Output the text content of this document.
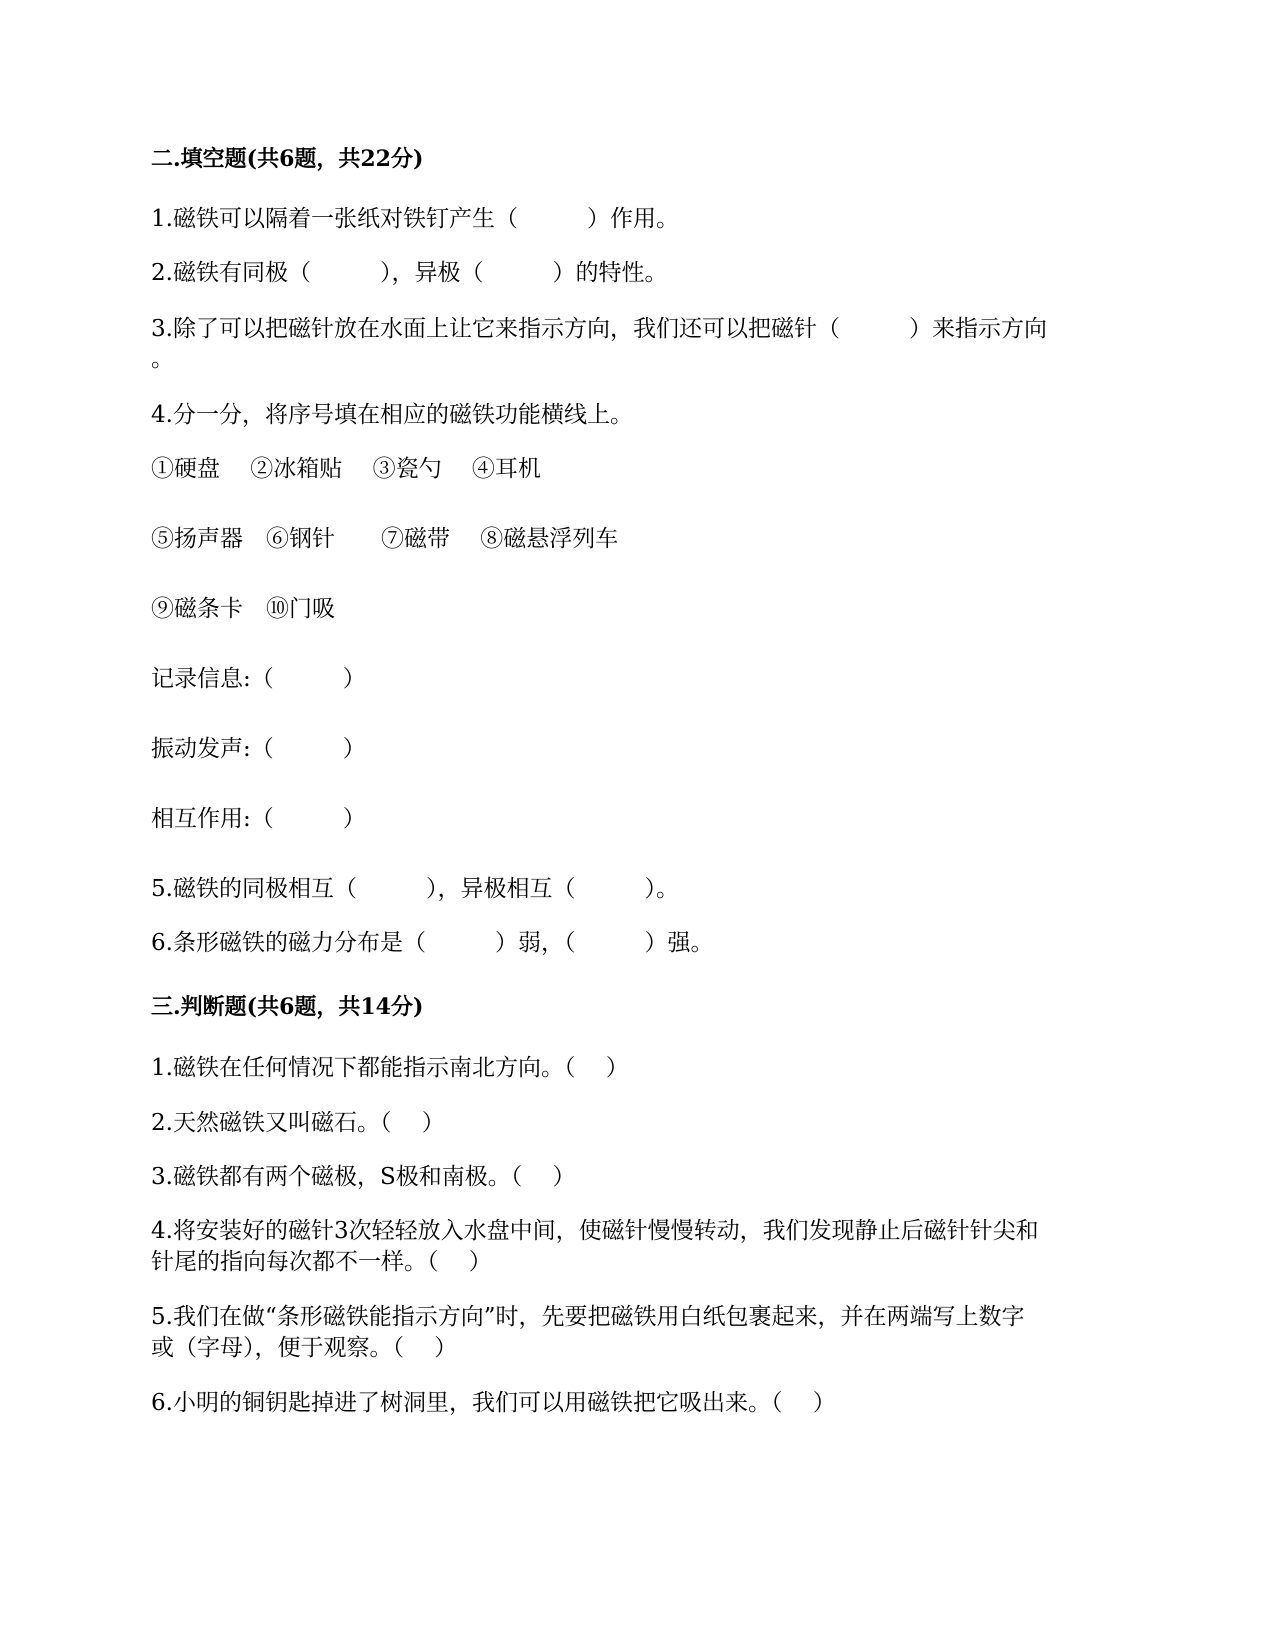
二.填空题(共6题，共22分)
1.磁铁可以隔着一张纸对铁钉产生（　　　）作用。
2.磁铁有同极（　　　），异极（　　　）的特性。
3.除了可以把磁针放在水面上让它来指示方向，我们还可以把磁针（　　　）来指示方向
。
4.分一分，将序号填在相应的磁铁功能横线上。
①硬盘　 ②冰箱贴　 ③瓷勺　 ④耳机
⑤扬声器　⑥钢针　　⑦磁带　 ⑧磁悬浮列车
⑨磁条卡　⑩门吸
记录信息:（　　　）
振动发声:（　　　）
相互作用:（　　　）
5.磁铁的同极相互（　　　），异极相互（　　　）。
6.条形磁铁的磁力分布是（　　　）弱，（　　　）强。
三.判断题(共6题，共14分)
1.磁铁在任何情况下都能指示南北方向。（　 ）
2.天然磁铁又叫磁石。（　 ）
3.磁铁都有两个磁极，S极和南极。（　 ）
4.将安装好的磁针3次轻轻放入水盘中间，使磁针慢慢转动，我们发现静止后磁针针尖和
针尾的指向每次都不一样。（　 ）
5.我们在做“条形磁铁能指示方向”时，先要把磁铁用白纸包裹起来，并在两端写上数字
或（字母），便于观察。（　 ）
6.小明的铜钥匙掉进了树洞里，我们可以用磁铁把它吸出来。（　 ）
